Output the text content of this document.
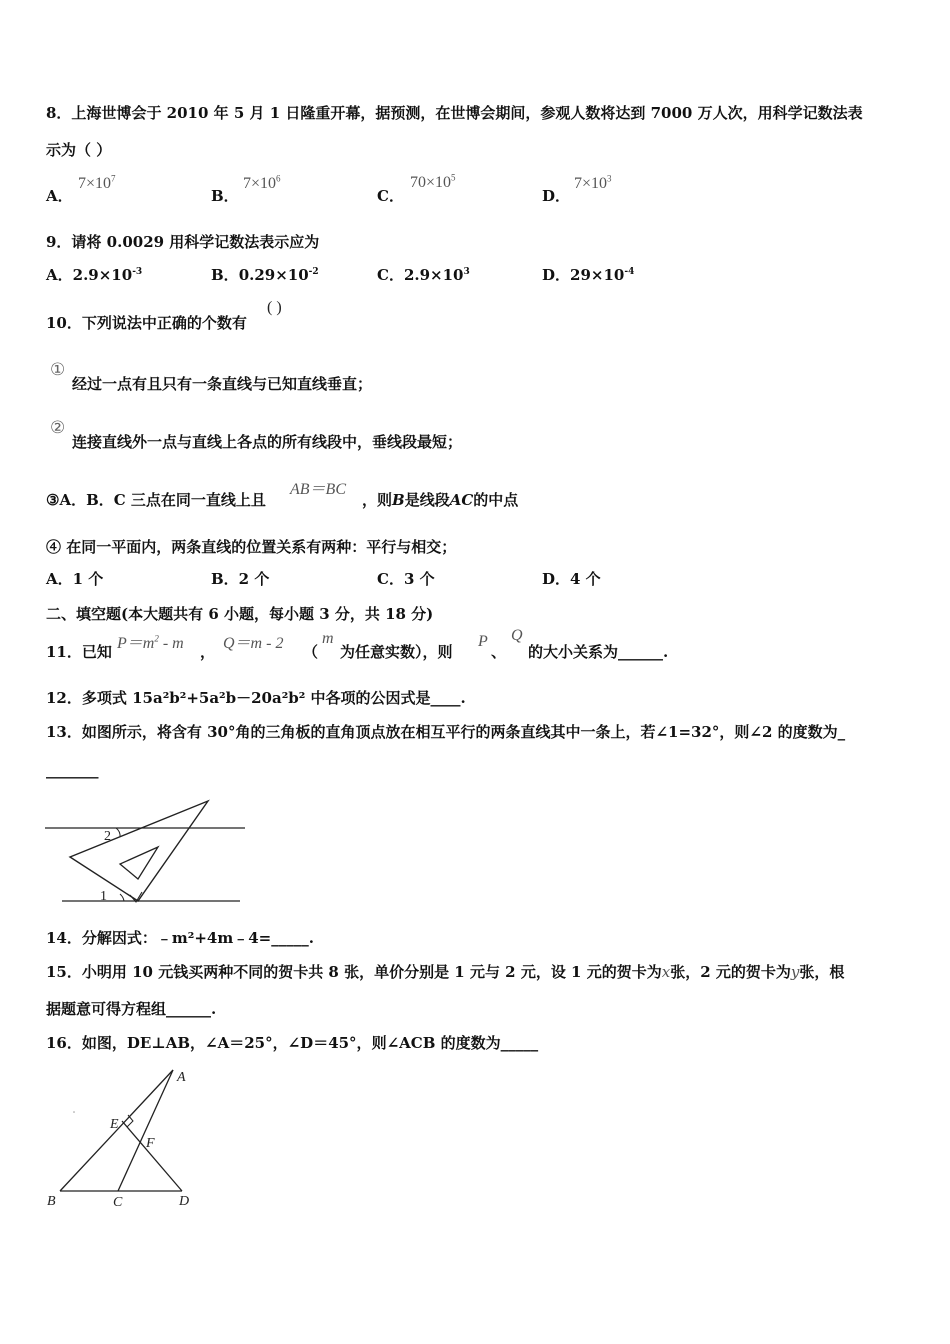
8．上海世博会于 2010 年 5 月 1 日隆重开幕，据预测，在世博会期间，参观人数将达到 7000 万人次，用科学记数法表
示为（ ）
A．
$7\times 10^7$
B．
$7\times 10^6$
C．
$70\times 10^5$
D．
$7\times 10^3$
9．请将 0.0029 用科学记数法表示应为
A．$2.9\times 10^{-3}$	B．$0.29\times 10^{-2}$	C．$2.9\times 10^3$	D．$29\times 10^{-4}$
10．下列说法中正确的个数有
( )
①
经过一点有且只有一条直线与已知直线垂直；
②
连接直线外一点与直线上各点的所有线段中，垂线段最短；
③A．B．C 三点在同一直线上且
AB＝BC
，则B是线段AC的中点
④ 在同一平面内，两条直线的位置关系有两种：平行与相交；
A．1 个	B．2 个	C．3 个	D．4 个
二、填空题(本大题共有 6 小题，每小题 3 分，共 18 分)
11．已知 $P=m^2 - m$ ， Q＝m - 2 （
m
为任意实数），则
P
、
Q
的大小关系为______.
12．多项式 15a²b²+5a²b－20a²b² 中各项的公因式是____.
13．如图所示，将含有 30°角的三角板的直角顶点放在相互平行的两条直线其中一条上，若∠1=32°，则∠2 的度数为_
_______
1
2
14．分解因式：﹣m²+4m﹣4=_____.
15．小明用 10 元钱买两种不同的贺卡共 8 张，单价分别是 1 元与 2 元，设 1 元的贺卡为x张，2 元的贺卡为y张，根
据题意可得方程组______.
16．如图，DE⊥AB，∠A＝25°，∠D＝45°，则∠ACB 的度数为_____
A
E
F
B	C	D
